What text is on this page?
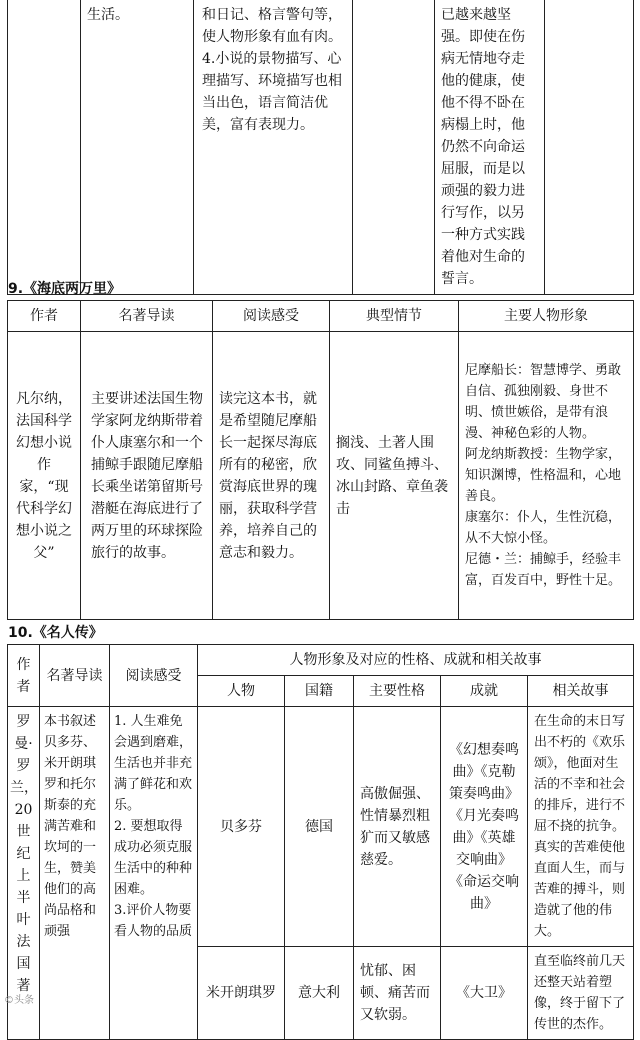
	生活。	和日记、格言警句等，使人物形象有血有肉。
4.小说的景物描写、心理描写、环境描写也相当出色，语言简洁优美，富有表现力。		已越来越坚强。即使在伤病无情地夺走他的健康，使他不得不卧在病榻上时，他仍然不向命运屈服，而是以顽强的毅力进行写作，以另一种方式实践着他对生命的誓言。	
9.《海底两万里》
作者	名著导读	阅读感受	典型情节	主要人物形象
凡尔纳，法国科学幻想小说作家，“现代科学幻想小说之父”	主要讲述法国生物学家阿龙纳斯带着仆人康塞尔和一个捕鲸手跟随尼摩船长乘坐诺第留斯号潜艇在海底进行了两万里的环球探险旅行的故事。	读完这本书，就是希望随尼摩船长一起探尽海底所有的秘密，欣赏海底世界的瑰丽，获取科学营养，培养自己的意志和毅力。	搁浅、土著人围攻、同鲨鱼搏斗、冰山封路、章鱼袭击	尼摩船长：智慧博学、勇敢自信、孤独刚毅、身世不明、愤世嫉俗，是带有浪漫、神秘色彩的人物。
阿龙纳斯教授：生物学家，知识渊博，性格温和，心地善良。
康塞尔：仆人，生性沉稳，从不大惊小怪。
尼德・兰：捕鲸手，经验丰富，百发百中，野性十足。
10.《名人传》
作者	名著导读	阅读感受	人物形象及对应的性格、成就和相关故事				
			人物	国籍	主要性格	成就	相关故事
罗曼·罗兰，20世纪上半叶法国著	本书叙述贝多芬、米开朗琪罗和托尔斯泰的充满苦难和坎坷的一生，赞美他们的高尚品格和顽强	1. 人生难免会遇到磨难，生活也并非充满了鲜花和欢乐。
2. 要想取得成功必须克服生活中的种种困难。
3.评价人物要看人物的品质	贝多芬	德国	高傲倔强、性情暴烈粗犷而又敏感慈爱。	《幻想奏鸣曲》《克勒策奏鸣曲》《月光奏鸣曲》《英雄交响曲》《命运交响曲》	在生命的末日写出不朽的《欢乐颂》，他面对生活的不幸和社会的排斥，进行不屈不挠的抗争。真实的苦难使他直面人生，而与苦难的搏斗，则造就了他的伟大。
			米开朗琪罗	意大利	忧郁、困顿、痛苦而又软弱。	《大卫》	直至临终前几天还整天站着塑像，终于留下了传世的杰作。
©头条
